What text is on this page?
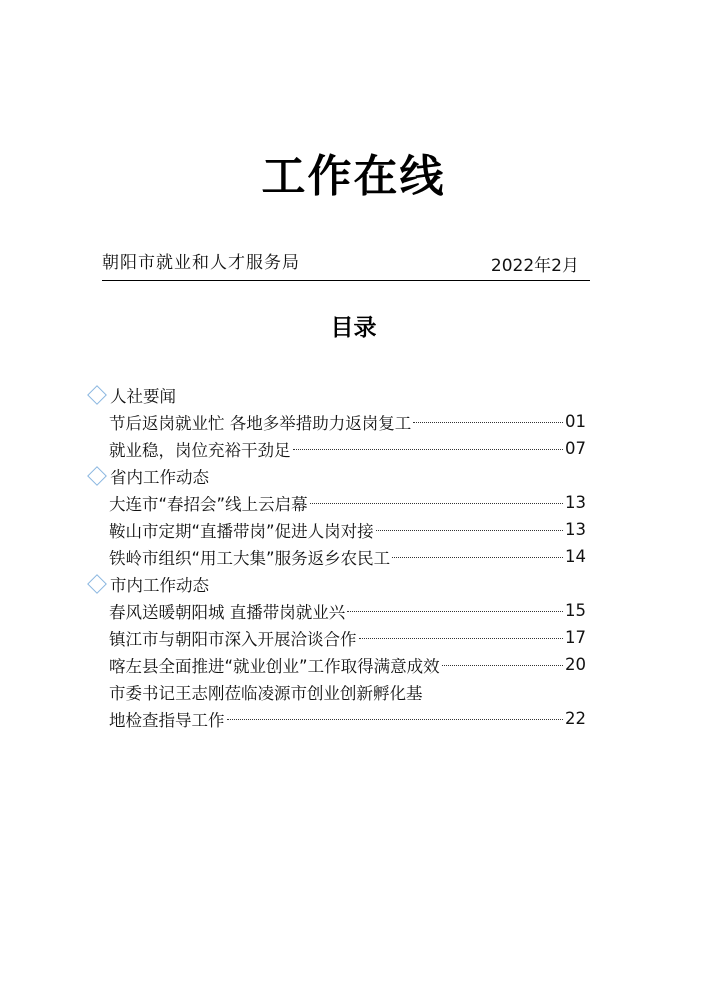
工作在线
朝阳市就业和人才服务局	2022年2月
目录
人社要闻
节后返岗就业忙 各地多举措助力返岗复工	01
就业稳，岗位充裕干劲足	07
省内工作动态
大连市“春招会”线上云启幕	13
鞍山市定期“直播带岗”促进人岗对接	13
铁岭市组织“用工大集”服务返乡农民工	14
市内工作动态
春风送暖朝阳城 直播带岗就业兴	15
镇江市与朝阳市深入开展洽谈合作	17
喀左县全面推进“就业创业”工作取得满意成效	20
市委书记王志刚莅临凌源市创业创新孵化基
地检查指导工作	22
